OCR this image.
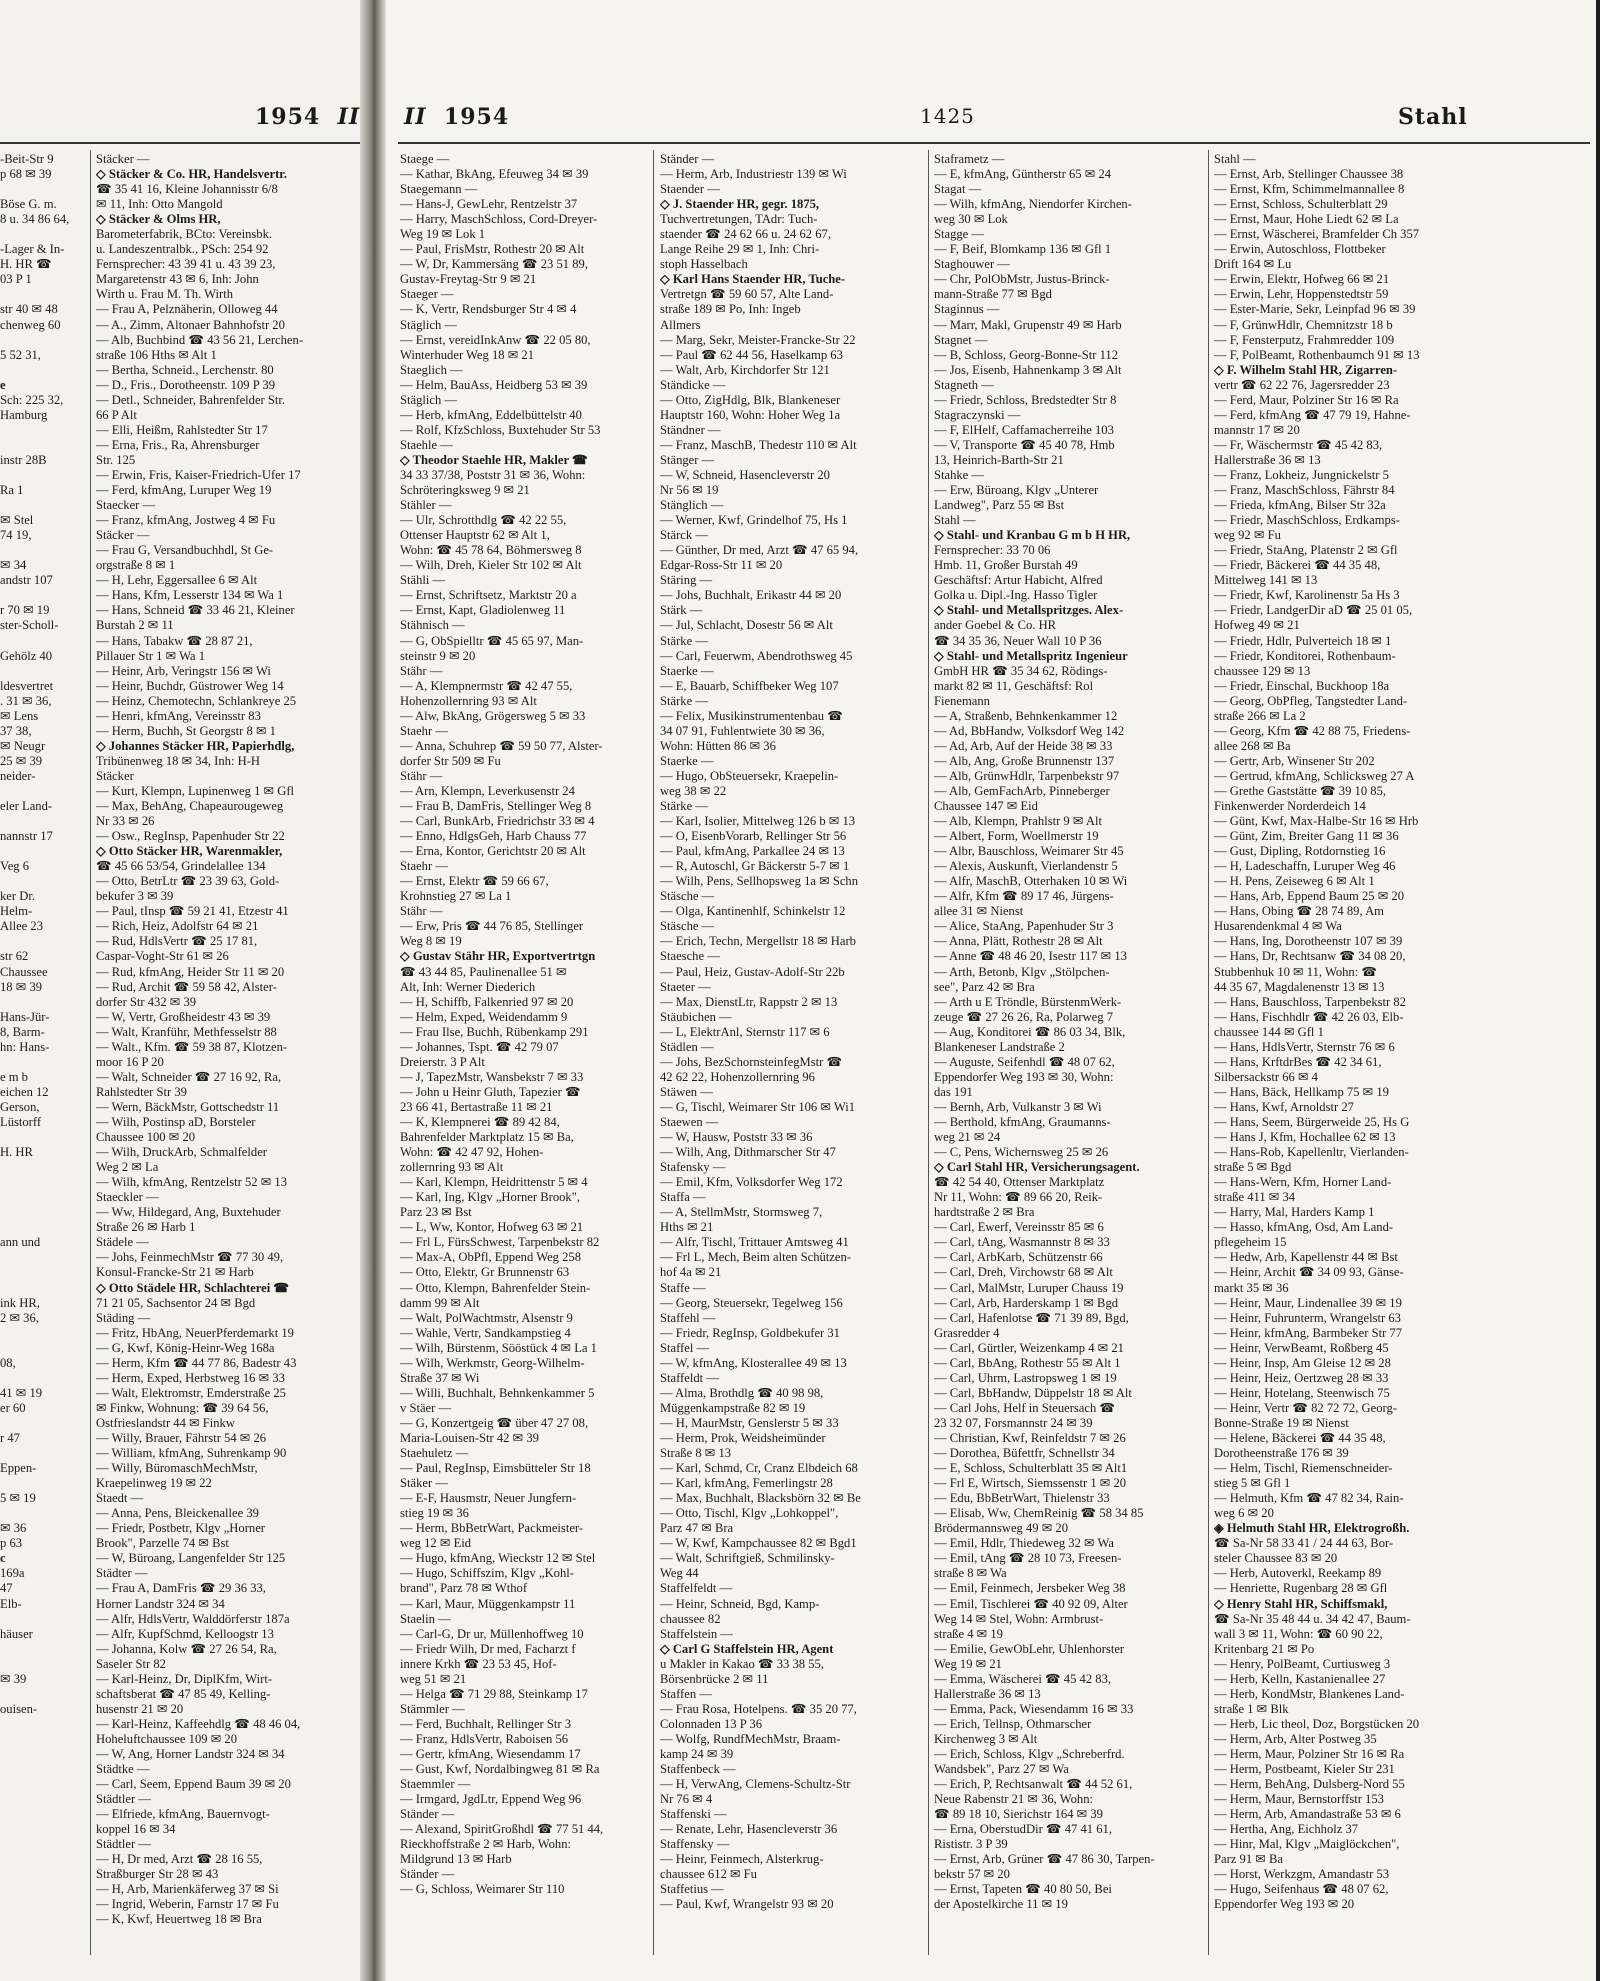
1954 II II 1954	1425	Stahl
-Beit-Str 9
p 68 ✉ 39
Böse G. m.
8 u. 34 86 64,
-Lager & In-
H. HR ☎
03 P 1
str 40 ✉ 48
chenweg 60
5 52 31,
e
Sch: 225 32,
Hamburg
instr 28B
Ra 1
✉ Stel
74 19,
✉ 34
andstr 107
r 70 ✉ 19
ster-Scholl-
Gehölz 40
ldesvertret
. 31 ✉ 36,
✉ Lens
37 38,
✉ Neugr
25 ✉ 39
neider-
eler Land-
nannstr 17
Veg 6
ker Dr.
Helm-
Allee 23
str 62
Chaussee
18 ✉ 39
Hans-Jür-
8, Barm-
hn: Hans-
e m b
eichen 12
Gerson,
Lüstorff
H. HR
ann und
ink HR,
2 ✉ 36,
08,
41 ✉ 19
er 60
r 47
Eppen-
5 ✉ 19
✉ 36
p 63
c
169a
47
Elb-
häuser
✉ 39
ouisen-
Stäcker —
◇ Stäcker & Co. HR, Handelsvertr.
☎ 35 41 16, Kleine Johannisstr 6/8
✉ 11, Inh: Otto Mangold
◇ Stäcker & Olms HR,
Barometerfabrik, BCto: Vereinsbk.
u. Landeszentralbk., PSch: 254 92
Fernsprecher: 43 39 41 u. 43 39 23,
Margaretenstr 43 ✉ 6, Inh: John
Wirth u. Frau M. Th. Wirth
— Frau A, Pelznäherin, Olloweg 44
— A., Zimm, Altonaer Bahnhofstr 20
— Alb, Buchbind ☎ 43 56 21, Lerchen-
straße 106 Hths ✉ Alt 1
— Bertha, Schneid., Lerchenstr. 80
— D., Fris., Dorotheenstr. 109 P 39
— Detl., Schneider, Bahrenfelder Str.
66 P Alt
— Elli, Heißm, Rahlstedter Str 17
— Erna, Fris., Ra, Ahrensburger
Str. 125
— Erwin, Fris, Kaiser-Friedrich-Ufer 17
— Ferd, kfmAng, Luruper Weg 19
Staecker —
— Franz, kfmAng, Jostweg 4 ✉ Fu
Stäcker —
— Frau G, Versandbuchhdl, St Ge-
orgstraße 8 ✉ 1
— H, Lehr, Eggersallee 6 ✉ Alt
— Hans, Kfm, Lesserstr 134 ✉ Wa 1
— Hans, Schneid ☎ 33 46 21, Kleiner
Burstah 2 ✉ 11
— Hans, Tabakw ☎ 28 87 21,
Pillauer Str 1 ✉ Wa 1
— Heinr, Arb, Veringstr 156 ✉ Wi
— Heinr, Buchdr, Güstrower Weg 14
— Heinz, Chemotechn, Schlankreye 25
— Henri, kfmAng, Vereinsstr 83
— Herm, Buchh, St Georgstr 8 ✉ 1
◇ Johannes Stäcker HR, Papierhdlg,
Tribünenweg 18 ✉ 34, Inh: H-H
Stäcker
— Kurt, Klempn, Lupinenweg 1 ✉ Gfl
— Max, BehAng, Chapeaurougeweg
Nr 33 ✉ 26
— Osw., RegInsp, Papenhuder Str 22
◇ Otto Stäcker HR, Warenmakler,
☎ 45 66 53/54, Grindelallee 134
— Otto, BetrLtr ☎ 23 39 63, Gold-
bekufer 3 ✉ 39
— Paul, tInsp ☎ 59 21 41, Etzestr 41
— Rich, Heiz, Adolfstr 64 ✉ 21
— Rud, HdlsVertr ☎ 25 17 81,
Caspar-Voght-Str 61 ✉ 26
— Rud, kfmAng, Heider Str 11 ✉ 20
— Rud, Archit ☎ 59 58 42, Alster-
dorfer Str 432 ✉ 39
— W, Vertr, Großheidestr 43 ✉ 39
— Walt, Kranführ, Methfesselstr 88
— Walt., Kfm. ☎ 59 38 87, Klotzen-
moor 16 P 20
— Walt, Schneider ☎ 27 16 92, Ra,
Rahlstedter Str 39
— Wern, BäckMstr, Gottschedstr 11
— Wilh, Postinsp aD, Borsteler
Chaussee 100 ✉ 20
— Wilh, DruckArb, Schmalfelder
Weg 2 ✉ La
— Wilh, kfmAng, Rentzelstr 52 ✉ 13
Staeckler —
— Ww, Hildegard, Ang, Buxtehuder
Straße 26 ✉ Harb 1
Städele —
— Johs, FeinmechMstr ☎ 77 30 49,
Konsul-Francke-Str 21 ✉ Harb
◇ Otto Städele HR, Schlachterei ☎
71 21 05, Sachsentor 24 ✉ Bgd
Städing —
— Fritz, HbAng, NeuerPferdemarkt 19
— G, Kwf, König-Heinr-Weg 168a
— Herm, Kfm ☎ 44 77 86, Badestr 43
— Herm, Exped, Herbstweg 16 ✉ 33
— Walt, Elektromstr, Emderstraße 25
✉ Finkw, Wohnung: ☎ 39 64 56,
Ostfrieslandstr 44 ✉ Finkw
— Willy, Brauer, Fährstr 54 ✉ 26
— William, kfmAng, Suhrenkamp 90
— Willy, BüromaschMechMstr,
Kraepelinweg 19 ✉ 22
Staedt —
— Anna, Pens, Bleickenallee 39
— Friedr, Postbetr, Klgv „Horner
Brook", Parzelle 74 ✉ Bst
— W, Büroang, Langenfelder Str 125
Städter —
— Frau A, DamFris ☎ 29 36 33,
Horner Landstr 324 ✉ 34
— Alfr, HdlsVertr, Walddörferstr 187a
— Alfr, KupfSchmd, Kelloogstr 13
— Johanna, Kolw ☎ 27 26 54, Ra,
Saseler Str 82
— Karl-Heinz, Dr, DiplKfm, Wirt-
schaftsberat ☎ 47 85 49, Kelling-
husenstr 21 ✉ 20
— Karl-Heinz, Kaffeehdlg ☎ 48 46 04,
Hoheluftchaussee 109 ✉ 20
— W, Ang, Horner Landstr 324 ✉ 34
Städtke —
— Carl, Seem, Eppend Baum 39 ✉ 20
Städtler —
— Elfriede, kfmAng, Bauernvogt-
koppel 16 ✉ 34
Städtler —
— H, Dr med, Arzt ☎ 28 16 55,
Straßburger Str 28 ✉ 43
— H, Arb, Marienkäferweg 37 ✉ Si
— Ingrid, Weberin, Farnstr 17 ✉ Fu
— K, Kwf, Heuertweg 18 ✉ Bra
Staege —
— Kathar, BkAng, Efeuweg 34 ✉ 39
Staegemann —
— Hans-J, GewLehr, Rentzelstr 37
— Harry, MaschSchloss, Cord-Dreyer-
Weg 19 ✉ Lok 1
— Paul, FrisMstr, Rothestr 20 ✉ Alt
— W, Dr, Kammersäng ☎ 23 51 89,
Gustav-Freytag-Str 9 ✉ 21
Staeger —
— K, Vertr, Rendsburger Str 4 ✉ 4
Stäglich —
— Ernst, vereidInkAnw ☎ 22 05 80,
Winterhuder Weg 18 ✉ 21
Staeglich —
— Helm, BauAss, Heidberg 53 ✉ 39
Stäglich —
— Herb, kfmAng, Eddelbüttelstr 40
— Rolf, KfzSchloss, Buxtehuder Str 53
Staehle —
◇ Theodor Staehle HR, Makler ☎
34 33 37/38, Poststr 31 ✉ 36, Wohn:
Schröteringksweg 9 ✉ 21
Stähler —
— Ulr, Schrotthdlg ☎ 42 22 55,
Ottenser Hauptstr 62 ✉ Alt 1,
Wohn: ☎ 45 78 64, Böhmersweg 8
— Wilh, Dreh, Kieler Str 102 ✉ Alt
Stähli —
— Ernst, Schriftsetz, Marktstr 20 a
— Ernst, Kapt, Gladiolenweg 11
Stähnisch —
— G, ObSpielltr ☎ 45 65 97, Man-
steinstr 9 ✉ 20
Stähr —
— A, Klempnermstr ☎ 42 47 55,
Hohenzollernring 93 ✉ Alt
— Alw, BkAng, Grögersweg 5 ✉ 33
Staehr —
— Anna, Schuhrep ☎ 59 50 77, Alster-
dorfer Str 509 ✉ Fu
Stähr —
— Arn, Klempn, Leverkusenstr 24
— Frau B, DamFris, Stellinger Weg 8
— Carl, BunkArb, Friedrichstr 33 ✉ 4
— Enno, HdlgsGeh, Harb Chauss 77
— Erna, Kontor, Gerichtstr 20 ✉ Alt
Staehr —
— Ernst, Elektr ☎ 59 66 67,
Krohnstieg 27 ✉ La 1
Stähr —
— Erw, Pris ☎ 44 76 85, Stellinger
Weg 8 ✉ 19
◇ Gustav Stähr HR, Exportvertrtgn
☎ 43 44 85, Paulinenallee 51 ✉
Alt, Inh: Werner Diederich
— H, Schiffb, Falkenried 97 ✉ 20
— Helm, Exped, Weidendamm 9
— Frau Ilse, Buchh, Rübenkamp 291
— Johannes, Tspt. ☎ 42 79 07
Dreierstr. 3 P Alt
— J, TapezMstr, Wansbekstr 7 ✉ 33
— John u Heinr Gluth, Tapezier ☎
23 66 41, Bertastraße 11 ✉ 21
— K, Klempnerei ☎ 89 42 84,
Bahrenfelder Marktplatz 15 ✉ Ba,
Wohn: ☎ 42 47 92, Hohen-
zollernring 93 ✉ Alt
— Karl, Klempn, Heidrittenstr 5 ✉ 4
— Karl, Ing, Klgv „Horner Brook",
Parz 23 ✉ Bst
— L, Ww, Kontor, Hofweg 63 ✉ 21
— Frl L, FürsSchwest, Tarpenbekstr 82
— Max-A, ObPfl, Eppend Weg 258
— Otto, Elektr, Gr Brunnenstr 63
— Otto, Klempn, Bahrenfelder Stein-
damm 99 ✉ Alt
— Walt, PolWachtmstr, Alsenstr 9
— Wahle, Vertr, Sandkampstieg 4
— Wilh, Bürstenm, Sööstück 4 ✉ La 1
— Wilh, Werkmstr, Georg-Wilhelm-
Straße 37 ✉ Wi
— Willi, Buchhalt, Behnkenkammer 5
v Stäer —
— G, Konzertgeig ☎ über 47 27 08,
Maria-Louisen-Str 42 ✉ 39
Staehuletz —
— Paul, RegInsp, Eimsbütteler Str 18
Stäker —
— E-F, Hausmstr, Neuer Jungfern-
stieg 19 ✉ 36
— Herm, BbBetrWart, Packmeister-
weg 12 ✉ Eid
— Hugo, kfmAng, Wieckstr 12 ✉ Stel
— Hugo, Schiffszim, Klgv „Kohl-
brand", Parz 78 ✉ Wthof
— Karl, Maur, Müggenkampstr 11
Staelin —
— Carl-G, Dr ur, Müllenhoffweg 10
— Friedr Wilh, Dr med, Facharzt f
innere Krkh ☎ 23 53 45, Hof-
weg 51 ✉ 21
— Helga ☎ 71 29 88, Steinkamp 17
Stämmler —
— Ferd, Buchhalt, Rellinger Str 3
— Franz, HdlsVertr, Raboisen 56
— Gertr, kfmAng, Wiesendamm 17
— Gust, Kwf, Nordalbingweg 81 ✉ Ra
Staemmler —
— Irmgard, JgdLtr, Eppend Weg 96
Ständer —
— Alexand, SpiritGroßhdl ☎ 77 51 44,
Rieckhoffstraße 2 ✉ Harb, Wohn:
Mildgrund 13 ✉ Harb
Ständer —
— G, Schloss, Weimarer Str 110
Ständer —
— Herm, Arb, Industriestr 139 ✉ Wi
Staender —
◇ J. Staender HR, gegr. 1875,
Tuchvertretungen, TAdr: Tuch-
staender ☎ 24 62 66 u. 24 62 67,
Lange Reihe 29 ✉ 1, Inh: Chri-
stoph Hasselbach
◇ Karl Hans Staender HR, Tuche-
Vertretgn ☎ 59 60 57, Alte Land-
straße 189 ✉ Po, Inh: Ingeb
Allmers
— Marg, Sekr, Meister-Francke-Str 22
— Paul ☎ 62 44 56, Haselkamp 63
— Walt, Arb, Kirchdorfer Str 121
Ständicke —
— Otto, ZigHdlg, Blk, Blankeneser
Hauptstr 160, Wohn: Hoher Weg 1a
Ständner —
— Franz, MaschB, Thedestr 110 ✉ Alt
Stänger —
— W, Schneid, Hasencleverstr 20
Nr 56 ✉ 19
Stänglich —
— Werner, Kwf, Grindelhof 75, Hs 1
Stärck —
— Günther, Dr med, Arzt ☎ 47 65 94,
Edgar-Ross-Str 11 ✉ 20
Stäring —
— Johs, Buchhalt, Erikastr 44 ✉ 20
Stärk —
— Jul, Schlacht, Dosestr 56 ✉ Alt
Stärke —
— Carl, Feuerwm, Abendrothsweg 45
Staerke —
— E, Bauarb, Schiffbeker Weg 107
Stärke —
— Felix, Musikinstrumentenbau ☎
34 07 91, Fuhlentwiete 30 ✉ 36,
Wohn: Hütten 86 ✉ 36
Staerke —
— Hugo, ObSteuersekr, Kraepelin-
weg 38 ✉ 22
Stärke —
— Karl, Isolier, Mittelweg 126 b ✉ 13
— O, EisenbVorarb, Rellinger Str 56
— Paul, kfmAng, Parkallee 24 ✉ 13
— R, Autoschl, Gr Bäckerstr 5-7 ✉ 1
— Wilh, Pens, Sellhopsweg 1a ✉ Schn
Stäsche —
— Olga, Kantinenhlf, Schinkelstr 12
Stäsche —
— Erich, Techn, Mergellstr 18 ✉ Harb
Staesche —
— Paul, Heiz, Gustav-Adolf-Str 22b
Staeter —
— Max, DienstLtr, Rappstr 2 ✉ 13
Stäubichen —
— L, ElektrAnl, Sternstr 117 ✉ 6
Städlen —
— Johs, BezSchornsteinfegMstr ☎
42 62 22, Hohenzollernring 96
Stäwen —
— G, Tischl, Weimarer Str 106 ✉ Wi1
Staewen —
— W, Hausw, Poststr 33 ✉ 36
— Wilh, Ang, Dithmarscher Str 47
Stafensky —
— Emil, Kfm, Volksdorfer Weg 172
Staffa —
— A, StellmMstr, Stormsweg 7,
Hths ✉ 21
— Alfr, Tischl, Trittauer Amtsweg 41
— Frl L, Mech, Beim alten Schützen-
hof 4a ✉ 21
Staffe —
— Georg, Steuersekr, Tegelweg 156
Staffehl —
— Friedr, RegInsp, Goldbekufer 31
Staffel —
— W, kfmAng, Klosterallee 49 ✉ 13
Staffeldt —
— Alma, Brothdlg ☎ 40 98 98,
Müggenkampstraße 82 ✉ 19
— H, MaurMstr, Genslerstr 5 ✉ 33
— Herm, Prok, Weidsheimünder
Straße 8 ✉ 13
— Karl, Schmd, Cr, Cranz Elbdeich 68
— Karl, kfmAng, Femerlingstr 28
— Max, Buchhalt, Blacksbörn 32 ✉ Be
— Otto, Tischl, Klgv „Lohkoppel",
Parz 47 ✉ Bra
— W, Kwf, Kampchaussee 82 ✉ Bgd1
— Walt, Schriftgieß, Schmilinsky-
Weg 44
Staffelfeldt —
— Heinr, Schneid, Bgd, Kamp-
chaussee 82
Staffelstein —
◇ Carl G Staffelstein HR, Agent
u Makler in Kakao ☎ 33 38 55,
Börsenbrücke 2 ✉ 11
Staffen —
— Frau Rosa, Hotelpens. ☎ 35 20 77,
Colonnaden 13 P 36
— Wolfg, RundfMechMstr, Braam-
kamp 24 ✉ 39
Staffenbeck —
— H, VerwAng, Clemens-Schultz-Str
Nr 76 ✉ 4
Staffenski —
— Renate, Lehr, Hasencleverstr 36
Staffensky —
— Heinr, Feinmech, Alsterkrug-
chaussee 612 ✉ Fu
Staffetius —
— Paul, Kwf, Wrangelstr 93 ✉ 20
Staframetz —
— E, kfmAng, Güntherstr 65 ✉ 24
Stagat —
— Wilh, kfmAng, Niendorfer Kirchen-
weg 30 ✉ Lok
Stagge —
— F, Beif, Blomkamp 136 ✉ Gfl 1
Staghouwer —
— Chr, PolObMstr, Justus-Brinck-
mann-Straße 77 ✉ Bgd
Staginnus —
— Marr, Makl, Grupenstr 49 ✉ Harb
Stagnet —
— B, Schloss, Georg-Bonne-Str 112
— Jos, Eisenb, Hahnenkamp 3 ✉ Alt
Stagneth —
— Friedr, Schloss, Bredstedter Str 8
Stagraczynski —
— F, ElHelf, Caffamacherreihe 103
— V, Transporte ☎ 45 40 78, Hmb
13, Heinrich-Barth-Str 21
Stahke —
— Erw, Büroang, Klgv „Unterer
Landweg", Parz 55 ✉ Bst
Stahl —
◇ Stahl- und Kranbau G m b H HR,
Fernsprecher: 33 70 06
Hmb. 11, Großer Burstah 49
Geschäftsf: Artur Habicht, Alfred
Golka u. Dipl.-Ing. Hasso Tigler
◇ Stahl- und Metallspritzges. Alex-
ander Goebel & Co. HR
☎ 34 35 36, Neuer Wall 10 P 36
◇ Stahl- und Metallspritz Ingenieur
GmbH HR ☎ 35 34 62, Rödings-
markt 82 ✉ 11, Geschäftsf: Rol
Fienemann
— A, Straßenb, Behnkenkammer 12
— Ad, BbHandw, Volksdorf Weg 142
— Ad, Arb, Auf der Heide 38 ✉ 33
— Alb, Ang, Große Brunnenstr 137
— Alb, GrünwHdlr, Tarpenbekstr 97
— Alb, GemFachArb, Pinneberger
Chaussee 147 ✉ Eid
— Alb, Klempn, Prahlstr 9 ✉ Alt
— Albert, Form, Woellmerstr 19
— Albr, Bauschloss, Weimarer Str 45
— Alexis, Auskunft, Vierlandenstr 5
— Alfr, MaschB, Otterhaken 10 ✉ Wi
— Alfr, Kfm ☎ 89 17 46, Jürgens-
allee 31 ✉ Nienst
— Alice, StaAng, Papenhuder Str 3
— Anna, Plätt, Rothestr 28 ✉ Alt
— Anne ☎ 48 46 20, Isestr 117 ✉ 13
— Arth, Betonb, Klgv „Stölpchen-
see", Parz 42 ✉ Bra
— Arth u E Tröndle, BürstenmWerk-
zeuge ☎ 27 26 26, Ra, Polarweg 7
— Aug, Konditorei ☎ 86 03 34, Blk,
Blankeneser Landstraße 2
— Auguste, Seifenhdl ☎ 48 07 62,
Eppendorfer Weg 193 ✉ 30, Wohn:
das 191
— Bernh, Arb, Vulkanstr 3 ✉ Wi
— Berthold, kfmAng, Graumanns-
weg 21 ✉ 24
— C, Pens, Wichernsweg 25 ✉ 26
◇ Carl Stahl HR, Versicherungsagent.
☎ 42 54 40, Ottenser Marktplatz
Nr 11, Wohn: ☎ 89 66 20, Reik-
hardtstraße 2 ✉ Bra
— Carl, Ewerf, Vereinsstr 85 ✉ 6
— Carl, tAng, Wasmannstr 8 ✉ 33
— Carl, ArbKarb, Schützenstr 66
— Carl, Dreh, Virchowstr 68 ✉ Alt
— Carl, MalMstr, Luruper Chauss 19
— Carl, Arb, Harderskamp 1 ✉ Bgd
— Carl, Hafenlotse ☎ 71 39 89, Bgd,
Grasredder 4
— Carl, Gürtler, Weizenkamp 4 ✉ 21
— Carl, BbAng, Rothestr 55 ✉ Alt 1
— Carl, Uhrm, Lastropsweg 1 ✉ 19
— Carl, BbHandw, Düppelstr 18 ✉ Alt
— Carl Johs, Helf in Steuersach ☎
23 32 07, Forsmannstr 24 ✉ 39
— Christian, Kwf, Reinfeldstr 7 ✉ 26
— Dorothea, Büfettfr, Schnellstr 34
— E, Schloss, Schulterblatt 35 ✉ Alt1
— Frl E, Wirtsch, Siemssenstr 1 ✉ 20
— Edu, BbBetrWart, Thielenstr 33
— Elisab, Ww, ChemReinig ☎ 58 34 85
Brödermannsweg 49 ✉ 20
— Emil, Hdlr, Thiedeweg 32 ✉ Wa
— Emil, tAng ☎ 28 10 73, Freesen-
straße 8 ✉ Wa
— Emil, Feinmech, Jersbeker Weg 38
— Emil, Tischlerei ☎ 40 92 09, Alter
Weg 14 ✉ Stel, Wohn: Armbrust-
straße 4 ✉ 19
— Emilie, GewObLehr, Uhlenhorster
Weg 19 ✉ 21
— Emma, Wäscherei ☎ 45 42 83,
Hallerstraße 36 ✉ 13
— Emma, Pack, Wiesendamm 16 ✉ 33
— Erich, Tellnsp, Othmarscher
Kirchenweg 3 ✉ Alt
— Erich, Schloss, Klgv „Schreberfrd.
Wandsbek", Parz 27 ✉ Wa
— Erich, P, Rechtsanwalt ☎ 44 52 61,
Neue Rabenstr 21 ✉ 36, Wohn:
☎ 89 18 10, Sierichstr 164 ✉ 39
— Erna, OberstudDir ☎ 47 41 61,
Rististr. 3 P 39
— Ernst, Arb, Grüner ☎ 47 86 30, Tarpen-
bekstr 57 ✉ 20
— Ernst, Tapeten ☎ 40 80 50, Bei
der Apostelkirche 11 ✉ 19
Stahl —
— Ernst, Arb, Stellinger Chaussee 38
— Ernst, Kfm, Schimmelmannallee 8
— Ernst, Schloss, Schulterblatt 29
— Ernst, Maur, Hohe Liedt 62 ✉ La
— Ernst, Wäscherei, Bramfelder Ch 357
— Erwin, Autoschloss, Flottbeker
Drift 164 ✉ Lu
— Erwin, Elektr, Hofweg 66 ✉ 21
— Erwin, Lehr, Hoppenstedtstr 59
— Ester-Marie, Sekr, Leinpfad 96 ✉ 39
— F, GrünwHdlr, Chemnitzstr 18 b
— F, Fensterputz, Frahmredder 109
— F, PolBeamt, Rothenbaumch 91 ✉ 13
◇ F. Wilhelm Stahl HR, Zigarren-
vertr ☎ 62 22 76, Jagersredder 23
— Ferd, Maur, Polziner Str 16 ✉ Ra
— Ferd, kfmAng ☎ 47 79 19, Hahne-
mannstr 17 ✉ 20
— Fr, Wäschermstr ☎ 45 42 83,
Hallerstraße 36 ✉ 13
— Franz, Lokheiz, Jungnickelstr 5
— Franz, MaschSchloss, Fährstr 84
— Frieda, kfmAng, Bilser Str 32a
— Friedr, MaschSchloss, Erdkamps-
weg 92 ✉ Fu
— Friedr, StaAng, Platenstr 2 ✉ Gfl
— Friedr, Bäckerei ☎ 44 35 48,
Mittelweg 141 ✉ 13
— Friedr, Kwf, Karolinenstr 5a Hs 3
— Friedr, LandgerDir aD ☎ 25 01 05,
Hofweg 49 ✉ 21
— Friedr, Hdlr, Pulverteich 18 ✉ 1
— Friedr, Konditorei, Rothenbaum-
chaussee 129 ✉ 13
— Friedr, Einschal, Buckhoop 18a
— Georg, ObPfleg, Tangstedter Land-
straße 266 ✉ La 2
— Georg, Kfm ☎ 42 88 75, Friedens-
allee 268 ✉ Ba
— Gertr, Arb, Winsener Str 202
— Gertrud, kfmAng, Schlicksweg 27 A
— Grethe Gaststätte ☎ 39 10 85,
Finkenwerder Norderdeich 14
— Günt, Kwf, Max-Halbe-Str 16 ✉ Hrb
— Günt, Zim, Breiter Gang 11 ✉ 36
— Gust, Dipling, Rotdornstieg 16
— H, Ladeschaffn, Luruper Weg 46
— H. Pens, Zeiseweg 6 ✉ Alt 1
— Hans, Arb, Eppend Baum 25 ✉ 20
— Hans, Obing ☎ 28 74 89, Am
Husarendenkmal 4 ✉ Wa
— Hans, Ing, Dorotheenstr 107 ✉ 39
— Hans, Dr, Rechtsanw ☎ 34 08 20,
Stubbenhuk 10 ✉ 11, Wohn: ☎
44 35 67, Magdalenenstr 13 ✉ 13
— Hans, Bauschloss, Tarpenbekstr 82
— Hans, Fischhdlr ☎ 42 26 03, Elb-
chaussee 144 ✉ Gfl 1
— Hans, HdlsVertr, Sternstr 76 ✉ 6
— Hans, KrftdrBes ☎ 42 34 61,
Silbersackstr 66 ✉ 4
— Hans, Bäck, Hellkamp 75 ✉ 19
— Hans, Kwf, Arnoldstr 27
— Hans, Seem, Bürgerweide 25, Hs G
— Hans J, Kfm, Hochallee 62 ✉ 13
— Hans-Rob, Kapellenltr, Vierlanden-
straße 5 ✉ Bgd
— Hans-Wern, Kfm, Horner Land-
straße 411 ✉ 34
— Harry, Mal, Harders Kamp 1
— Hasso, kfmAng, Osd, Am Land-
pflegeheim 15
— Hedw, Arb, Kapellenstr 44 ✉ Bst
— Heinr, Archit ☎ 34 09 93, Gänse-
markt 35 ✉ 36
— Heinr, Maur, Lindenallee 39 ✉ 19
— Heinr, Fuhrunterm, Wrangelstr 63
— Heinr, kfmAng, Barmbeker Str 77
— Heinr, VerwBeamt, Roßberg 45
— Heinr, Insp, Am Gleise 12 ✉ 28
— Heinr, Heiz, Oertzweg 28 ✉ 33
— Heinr, Hotelang, Steenwisch 75
— Heinr, Vertr ☎ 82 72 72, Georg-
Bonne-Straße 19 ✉ Nienst
— Helene, Bäckerei ☎ 44 35 48,
Dorotheenstraße 176 ✉ 39
— Helm, Tischl, Riemenschneider-
stieg 5 ✉ Gfl 1
— Helmuth, Kfm ☎ 47 82 34, Rain-
weg 6 ✉ 20
◈ Helmuth Stahl HR, Elektrogroßh.
☎ Sa-Nr 58 33 41 / 24 44 63, Bor-
steler Chaussee 83 ✉ 20
— Herb, Autoverkl, Reekamp 89
— Henriette, Rugenbarg 28 ✉ Gfl
◇ Henry Stahl HR, Schiffsmakl,
☎ Sa-Nr 35 48 44 u. 34 42 47, Baum-
wall 3 ✉ 11, Wohn: ☎ 60 90 22,
Kritenbarg 21 ✉ Po
— Henry, PolBeamt, Curtiusweg 3
— Herb, Kelln, Kastanienallee 27
— Herb, KondMstr, Blankenes Land-
straße 1 ✉ Blk
— Herb, Lic theol, Doz, Borgstücken 20
— Herm, Arb, Alter Postweg 35
— Herm, Maur, Polziner Str 16 ✉ Ra
— Herm, Postbeamt, Kieler Str 231
— Herm, BehAng, Dulsberg-Nord 55
— Herm, Maur, Bernstorffstr 153
— Herm, Arb, Amandastraße 53 ✉ 6
— Hertha, Ang, Eichholz 37
— Hinr, Mal, Klgv „Maiglöckchen",
Parz 91 ✉ Ba
— Horst, Werkzgm, Amandastr 53
— Hugo, Seifenhaus ☎ 48 07 62,
Eppendorfer Weg 193 ✉ 20
